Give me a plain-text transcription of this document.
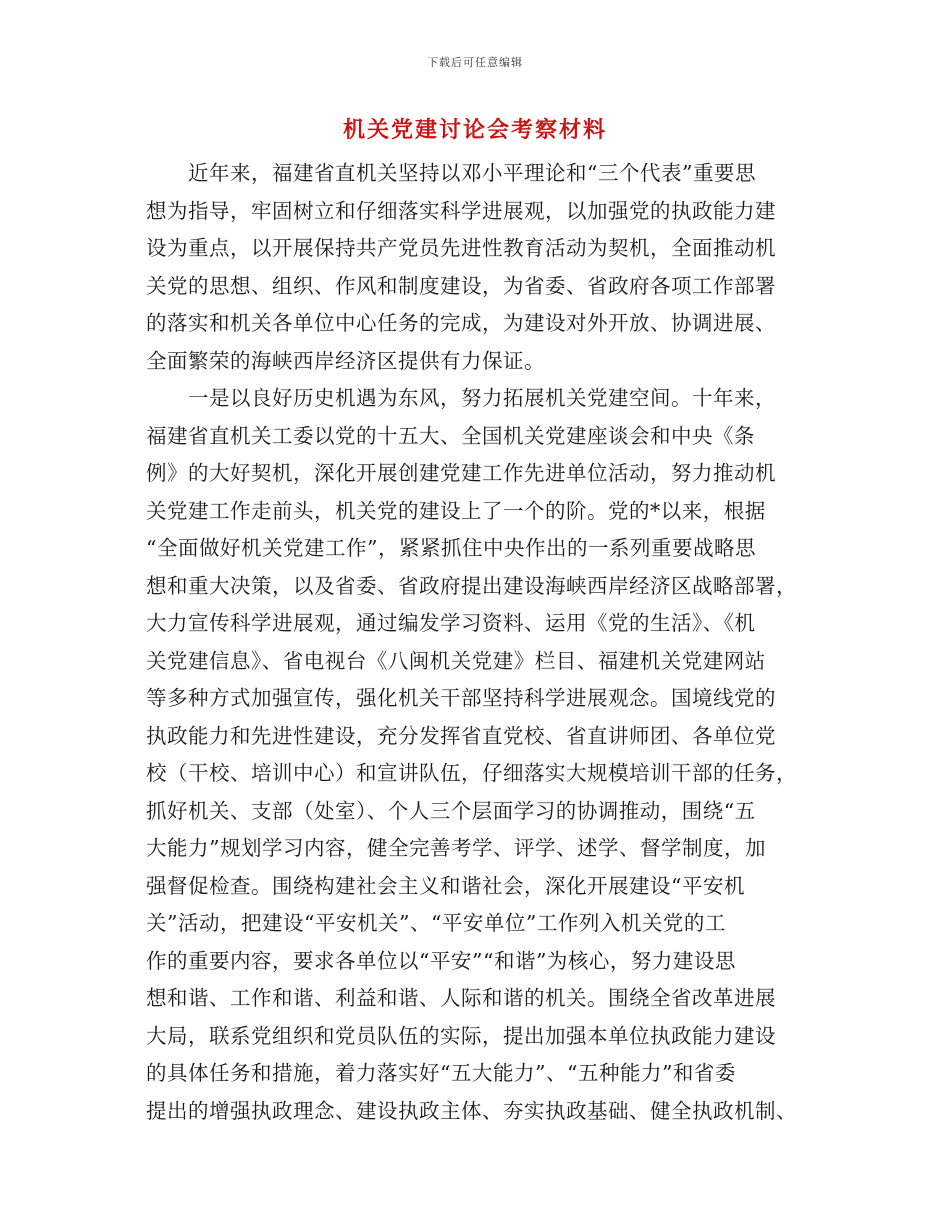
下载后可任意编辑
机关党建讨论会考察材料
近年来，福建省直机关坚持以邓小平理论和“三个代表”重要思
想为指导，牢固树立和仔细落实科学进展观，以加强党的执政能力建
设为重点，以开展保持共产党员先进性教育活动为契机，全面推动机
关党的思想、组织、作风和制度建设，为省委、省政府各项工作部署
的落实和机关各单位中心任务的完成，为建设对外开放、协调进展、
全面繁荣的海峡西岸经济区提供有力保证。
一是以良好历史机遇为东风，努力拓展机关党建空间。十年来，
福建省直机关工委以党的十五大、全国机关党建座谈会和中央《条
例》的大好契机，深化开展创建党建工作先进单位活动，努力推动机
关党建工作走前头，机关党的建设上了一个的阶。党的*以来，根据
“全面做好机关党建工作”，紧紧抓住中央作出的一系列重要战略思
想和重大决策，以及省委、省政府提出建设海峡西岸经济区战略部署，
大力宣传科学进展观，通过编发学习资料、运用《党的生活》、《机
关党建信息》、省电视台《八闽机关党建》栏目、福建机关党建网站
等多种方式加强宣传，强化机关干部坚持科学进展观念。国境线党的
执政能力和先进性建设，充分发挥省直党校、省直讲师团、各单位党
校（干校、培训中心）和宣讲队伍，仔细落实大规模培训干部的任务，
抓好机关、支部（处室）、个人三个层面学习的协调推动，围绕“五
大能力”规划学习内容，健全完善考学、评学、述学、督学制度，加
强督促检查。围绕构建社会主义和谐社会，深化开展建设“平安机
关”活动，把建设“平安机关”、“平安单位”工作列入机关党的工
作的重要内容，要求各单位以“平安”“和谐”为核心，努力建设思
想和谐、工作和谐、利益和谐、人际和谐的机关。围绕全省改革进展
大局，联系党组织和党员队伍的实际，提出加强本单位执政能力建设
的具体任务和措施，着力落实好“五大能力”、“五种能力”和省委
提出的增强执政理念、建设执政主体、夯实执政基础、健全执政机制、
